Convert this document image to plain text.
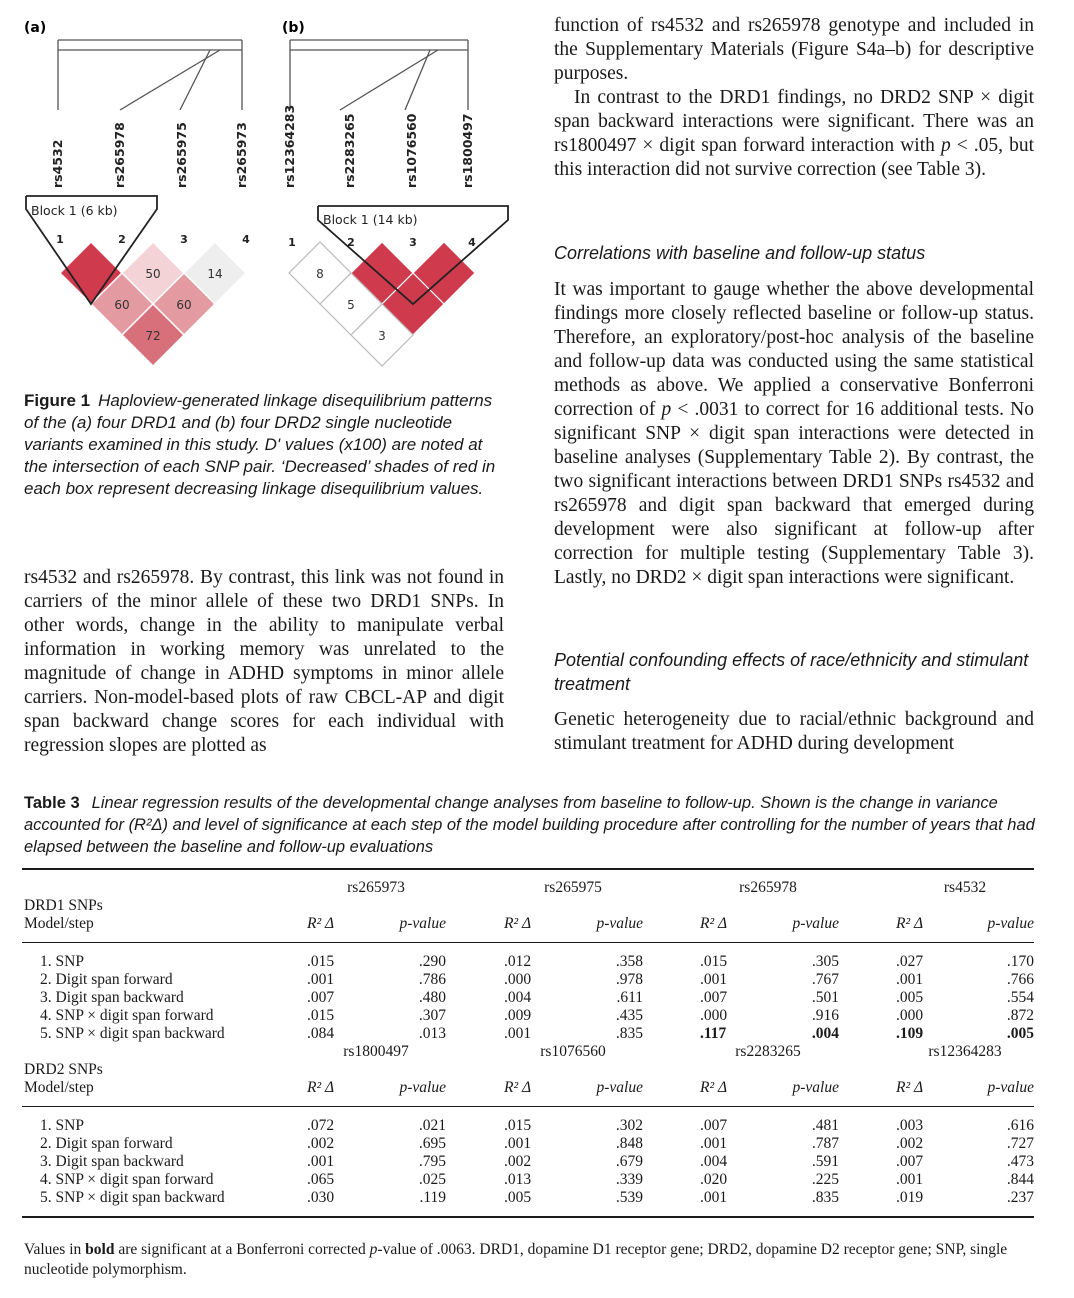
(a)	(b)
rs4532	rs265978	rs265975	rs265973	rs12364283	rs2283265	rs1076560	rs1800497
Block 1 (6 kb)
1	2	3	4
50	14
60	60
72
Block 1 (14 kb)
1	2	3	4
8
5
3
Figure 1 Haploview-generated linkage disequilibrium patterns of the (a) four DRD1 and (b) four DRD2 single nucleotide variants examined in this study. D' values (x100) are noted at the intersection of each SNP pair. ‘Decreased’ shades of red in each box represent decreasing linkage disequilibrium values.

rs4532 and rs265978. By contrast, this link was not found in carriers of the minor allele of these two DRD1 SNPs. In other words, change in the ability to manipulate verbal information in working memory was unrelated to the magnitude of change in ADHD symptoms in minor allele carriers. Non-model-based plots of raw CBCL-AP and digit span backward change scores for each individual with regression slopes are plotted as

function of rs4532 and rs265978 genotype and included in the Supplementary Materials (Figure S4a–b) for descriptive purposes.

In contrast to the DRD1 findings, no DRD2 SNP × digit span backward interactions were significant. There was an rs1800497 × digit span forward interaction with p < .05, but this interaction did not survive correction (see Table 3).

Correlations with baseline and follow-up status

It was important to gauge whether the above developmental findings more closely reflected baseline or follow-up status. Therefore, an exploratory/post-hoc analysis of the baseline and follow-up data was conducted using the same statistical methods as above. We applied a conservative Bonferroni correction of p < .0031 to correct for 16 additional tests. No significant SNP × digit span interactions were detected in baseline analyses (Supplementary Table 2). By contrast, the two significant interactions between DRD1 SNPs rs4532 and rs265978 and digit span backward that emerged during development were also significant at follow-up after correction for multiple testing (Supplementary Table 3). Lastly, no DRD2 × digit span interactions were significant.

Potential confounding effects of race/ethnicity and stimulant treatment

Genetic heterogeneity due to racial/ethnic background and stimulant treatment for ADHD during development

Table 3 Linear regression results of the developmental change analyses from baseline to follow-up. Shown is the change in variance accounted for (R²Δ) and level of significance at each step of the model building procedure after controlling for the number of years that had elapsed between the baseline and follow-up evaluations
rs265973	rs265975	rs265978	rs4532
DRD1 SNPs
Model/step	R² Δ	p-value	R² Δ	p-value	R² Δ	p-value	R² Δ	p-value
1. SNP	.015	.290	.012	.358	.015	.305	.027	.170
2. Digit span forward	.001	.786	.000	.978	.001	.767	.001	.766
3. Digit span backward	.007	.480	.004	.611	.007	.501	.005	.554
4. SNP × digit span forward	.015	.307	.009	.435	.000	.916	.000	.872
5. SNP × digit span backward	.084	.013	.001	.835	.117	.004	.109	.005
rs1800497	rs1076560	rs2283265	rs12364283
DRD2 SNPs
Model/step	R² Δ	p-value	R² Δ	p-value	R² Δ	p-value	R² Δ	p-value
1. SNP	.072	.021	.015	.302	.007	.481	.003	.616
2. Digit span forward	.002	.695	.001	.848	.001	.787	.002	.727
3. Digit span backward	.001	.795	.002	.679	.004	.591	.007	.473
4. SNP × digit span forward	.065	.025	.013	.339	.020	.225	.001	.844
5. SNP × digit span backward	.030	.119	.005	.539	.001	.835	.019	.237
Values in bold are significant at a Bonferroni corrected p-value of .0063. DRD1, dopamine D1 receptor gene; DRD2, dopamine D2 receptor gene; SNP, single nucleotide polymorphism.
